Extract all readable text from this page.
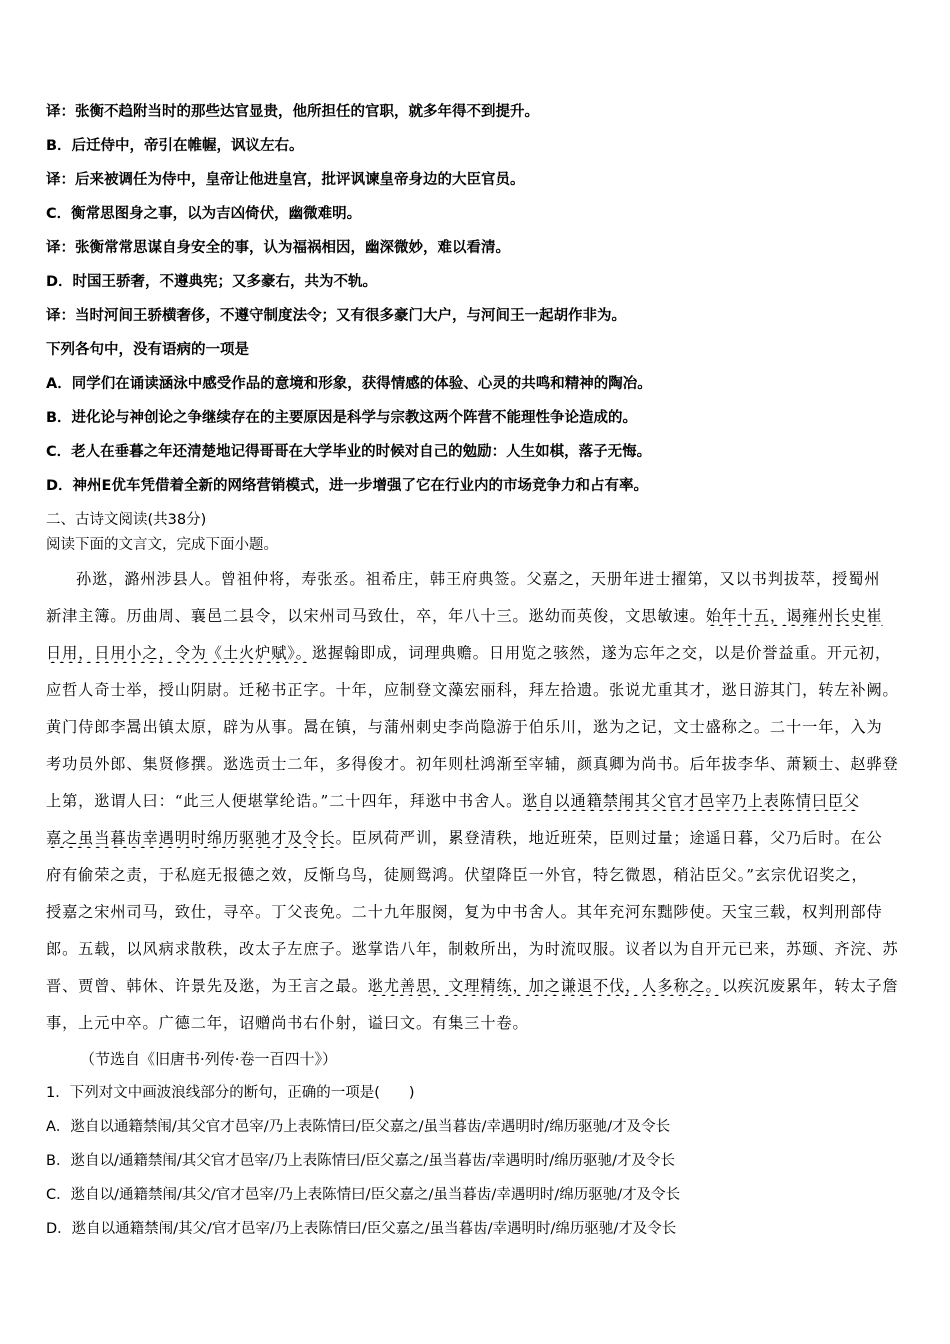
译：张衡不趋附当时的那些达官显贵，他所担任的官职，就多年得不到提升。
B．后迁侍中，帝引在帷幄，讽议左右。
译：后来被调任为侍中，皇帝让他进皇宫，批评讽谏皇帝身边的大臣官员。
C．衡常思图身之事，以为吉凶倚伏，幽微难明。
译：张衡常常思谋自身安全的事，认为福祸相因，幽深微妙，难以看清。
D．时国王骄奢，不遵典宪；又多豪右，共为不轨。
译：当时河间王骄横奢侈，不遵守制度法令；又有很多豪门大户，与河间王一起胡作非为。
下列各句中，没有语病的一项是
A．同学们在诵读涵泳中感受作品的意境和形象，获得情感的体验、心灵的共鸣和精神的陶冶。
B．进化论与神创论之争继续存在的主要原因是科学与宗教这两个阵营不能理性争论造成的。
C．老人在垂暮之年还清楚地记得哥哥在大学毕业的时候对自己的勉励：人生如棋，落子无悔。
D．神州E优车凭借着全新的网络营销模式，进一步增强了它在行业内的市场竞争力和占有率。
二、古诗文阅读(共38分)
阅读下面的文言文，完成下面小题。
孙逖，潞州涉县人。曾祖仲将，寿张丞。祖希庄，韩王府典签。父嘉之，天册年进士擢第，又以书判拔萃，授蜀州
新津主簿。历曲周、襄邑二县令，以宋州司马致仕，卒，年八十三。逖幼而英俊，文思敏速。始年十五，谒雍州长史崔
日用，日用小之，令为《土火炉赋》。逖握翰即成，词理典赡。日用览之骇然，遂为忘年之交，以是价誉益重。开元初，
应哲人奇士举，授山阴尉。迁秘书正字。十年，应制登文藻宏丽科，拜左拾遗。张说尤重其才，逖日游其门，转左补阙。
黄门侍郎李暠出镇太原，辟为从事。暠在镇，与蒲州刺史李尚隐游于伯乐川，逖为之记，文士盛称之。二十一年，入为
考功员外郎、集贤修撰。逖选贡士二年，多得俊才。初年则杜鸿渐至宰辅，颜真卿为尚书。后年拔李华、萧颖士、赵骅登
上第，逖谓人曰：“此三人便堪掌纶诰。”二十四年，拜逖中书舍人。逖自以通籍禁闱其父官才邑宰乃上表陈情曰臣父
嘉之虽当暮齿幸遇明时绵历驱驰才及令长。臣夙荷严训，累登清秩，地近班荣，臣则过量；途遥日暮，父乃后时。在公
府有偷荣之责，于私庭无报德之效，反惭乌鸟，徒厕鸳鸿。伏望降臣一外官，特乞微恩，稍沾臣父。”玄宗优诏奖之，
授嘉之宋州司马，致仕，寻卒。丁父丧免。二十九年服阕，复为中书舍人。其年充河东黜陟使。天宝三载，权判刑部侍
郎。五载，以风病求散秩，改太子左庶子。逖掌诰八年，制敕所出，为时流叹服。议者以为自开元已来，苏颋、齐浣、苏
晋、贾曾、韩休、许景先及逖，为王言之最。逖尤善思，文理精练，加之谦退不伐，人多称之。以疾沉废累年，转太子詹
事，上元中卒。广德二年，诏赠尚书右仆射，谥曰文。有集三十卷。
（节选自《旧唐书·列传·卷一百四十》）
1．下列对文中画波浪线部分的断句，正确的一项是(　　)
A．逖自以通籍禁闱/其父官才邑宰/乃上表陈情曰/臣父嘉之/虽当暮齿/幸遇明时/绵历驱驰/才及令长
B．逖自以/通籍禁闱/其父官才邑宰/乃上表陈情曰/臣父嘉之/虽当暮齿/幸遇明时/绵历驱驰/才及令长
C．逖自以/通籍禁闱/其父/官才邑宰/乃上表陈情曰/臣父嘉之/虽当暮齿/幸遇明时/绵历驱驰/才及令长
D．逖自以通籍禁闱/其父/官才邑宰/乃上表陈情曰/臣父嘉之/虽当暮齿/幸遇明时/绵历驱驰/才及令长
